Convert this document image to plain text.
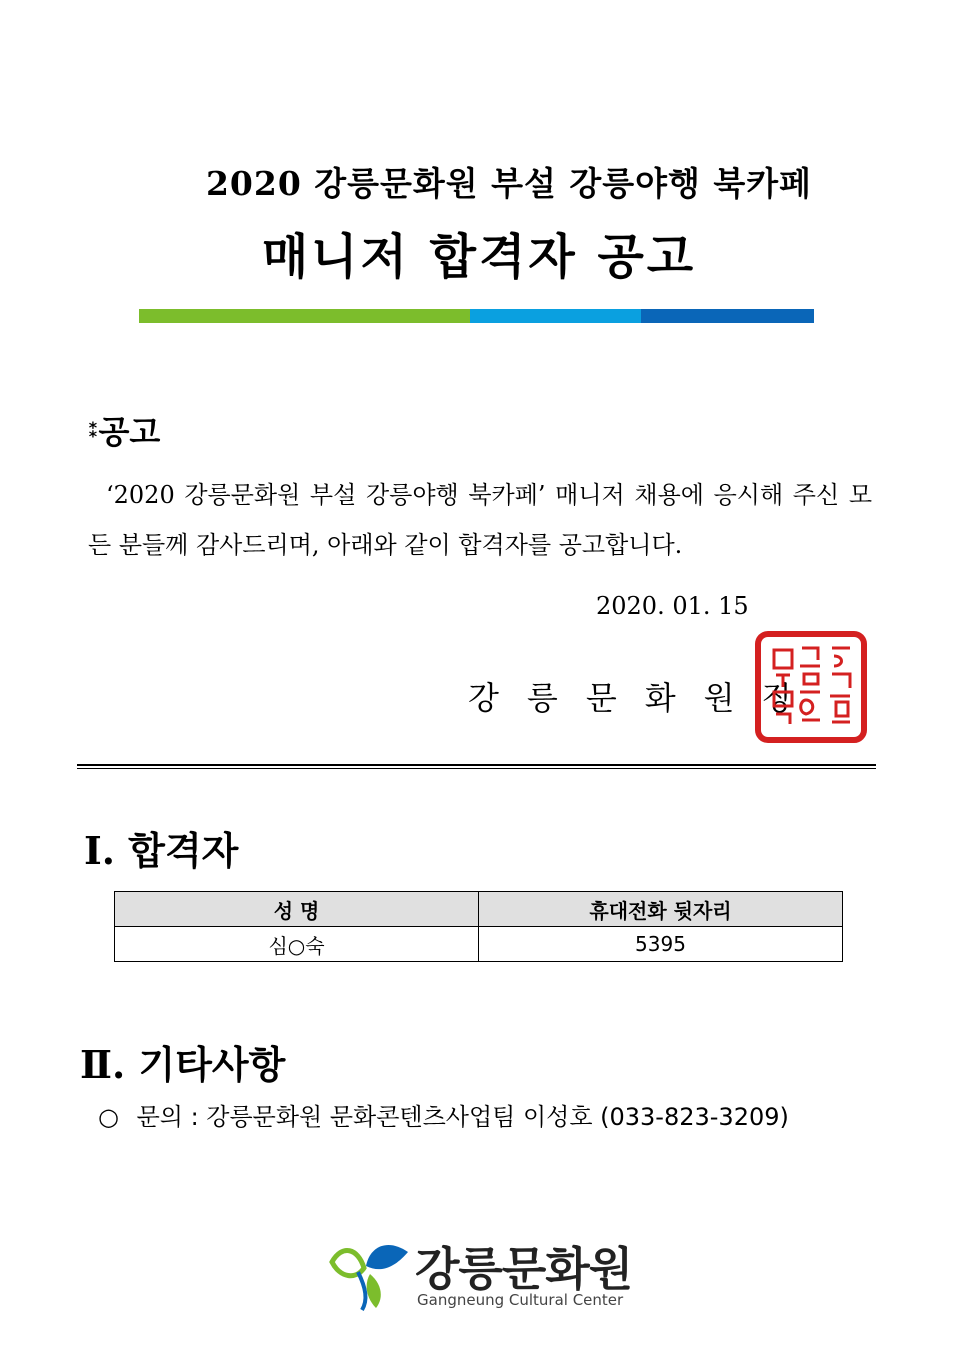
2020 강릉문화원 부설 강릉야행 북카페
매니저 합격자 공고
⁑공고
‘2020 강릉문화원 부설 강릉야행 북카페’ 매니저 채용에 응시해 주신 모든 분들께 감사드리며, 아래와 같이 합격자를 공고합니다.
2020. 01. 15
강릉문화원장
Ⅰ. 합격자
성 명	휴대전화 뒷자리
심○숙	5395
Ⅱ. 기타사항
○ 문의 : 강릉문화원 문화콘텐츠사업팀 이성호 (033-823-3209)
강릉문화원
Gangneung Cultural Center
